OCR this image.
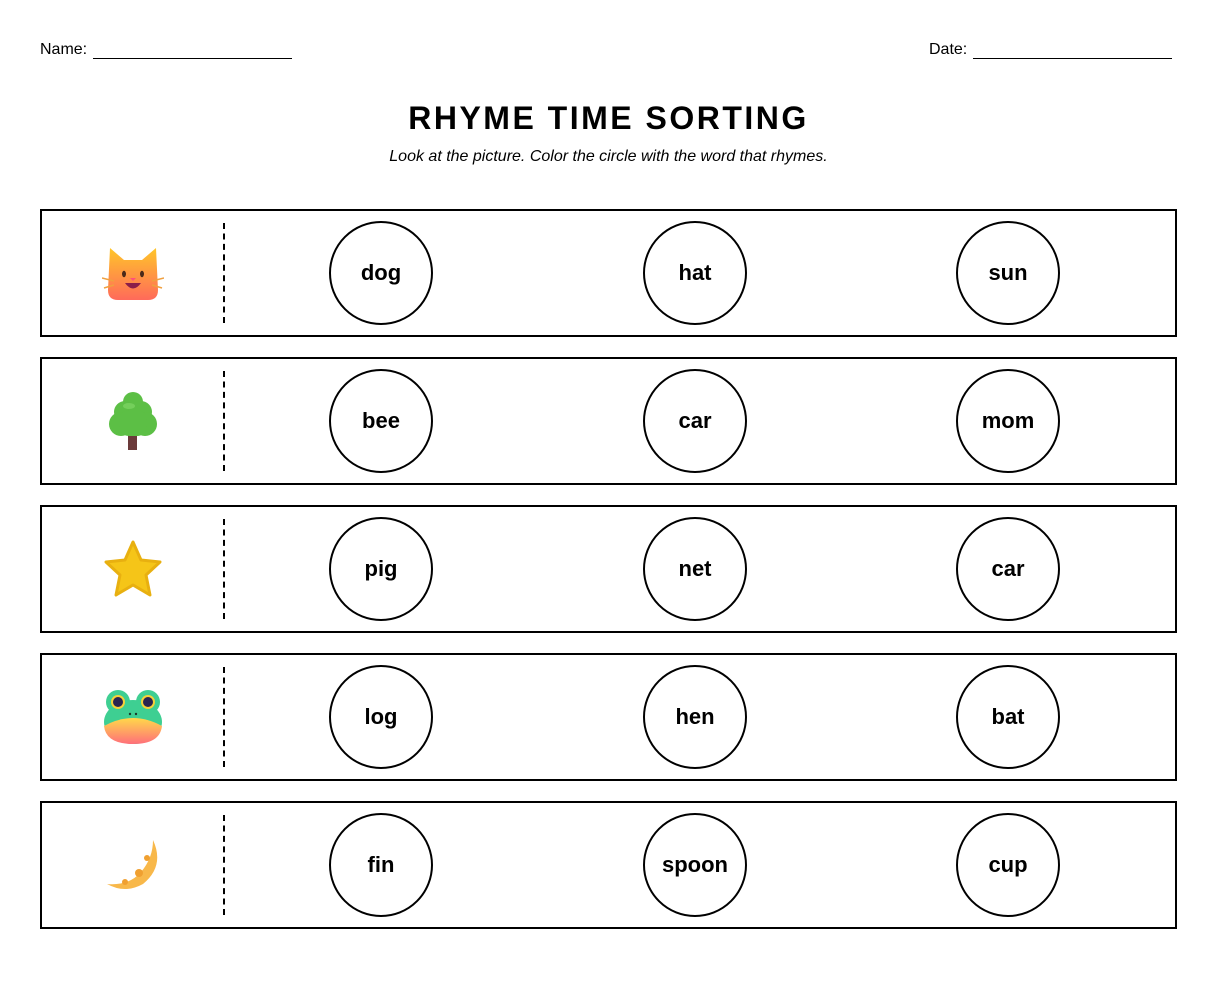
Name:	Date:
RHYME TIME SORTING

Look at the picture. Color the circle with the word that rhymes.

dog	hat	sun
bee	car	mom
pig	net	car
log	hen	bat
fin	spoon	cup
